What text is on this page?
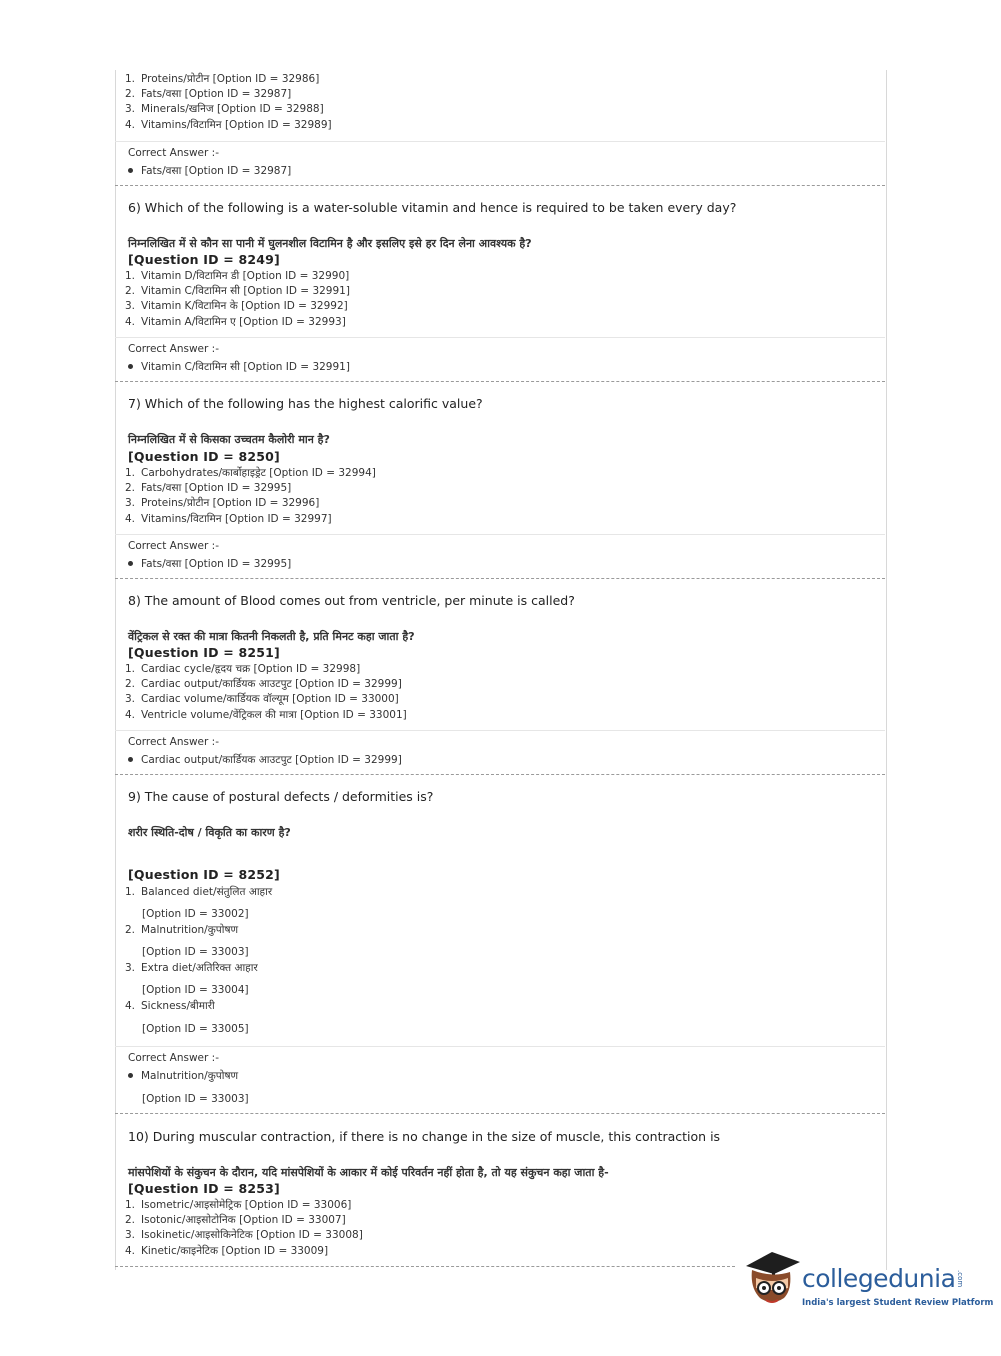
1. Proteins/प्रोटीन [Option ID = 32986]
2. Fats/वसा [Option ID = 32987]
3. Minerals/खनिज [Option ID = 32988]
4. Vitamins/विटामिन [Option ID = 32989]
Correct Answer :-
Fats/वसा [Option ID = 32987]
6) Which of the following is a water-soluble vitamin and hence is required to be taken every day?
निम्नलिखित में से कौन सा पानी में घुलनशील विटामिन है और इसलिए इसे हर दिन लेना आवश्यक है?
[Question ID = 8249]
1. Vitamin D/विटामिन डी [Option ID = 32990]
2. Vitamin C/विटामिन सी [Option ID = 32991]
3. Vitamin K/विटामिन के [Option ID = 32992]
4. Vitamin A/विटामिन ए [Option ID = 32993]
Correct Answer :-
Vitamin C/विटामिन सी [Option ID = 32991]
7) Which of the following has the highest calorific value?
निम्नलिखित में से किसका उच्चतम कैलोरी मान है?
[Question ID = 8250]
1. Carbohydrates/कार्बोहाइड्रेट [Option ID = 32994]
2. Fats/वसा [Option ID = 32995]
3. Proteins/प्रोटीन [Option ID = 32996]
4. Vitamins/विटामिन [Option ID = 32997]
Correct Answer :-
Fats/वसा [Option ID = 32995]
8) The amount of Blood comes out from ventricle, per minute is called?
वेंट्रिकल से रक्त की मात्रा कितनी निकलती है, प्रति मिनट कहा जाता है?
[Question ID = 8251]
1. Cardiac cycle/हृदय चक्र [Option ID = 32998]
2. Cardiac output/कार्डियक आउटपुट [Option ID = 32999]
3. Cardiac volume/कार्डियक वॉल्यूम [Option ID = 33000]
4. Ventricle volume/वेंट्रिकल की मात्रा [Option ID = 33001]
Correct Answer :-
Cardiac output/कार्डियक आउटपुट [Option ID = 32999]
9) The cause of postural defects / deformities is?
शरीर स्थिति-दोष / विकृति का कारण है?
[Question ID = 8252]
1. Balanced diet/संतुलित आहार
[Option ID = 33002]
2. Malnutrition/कुपोषण
[Option ID = 33003]
3. Extra diet/अतिरिक्त आहार
[Option ID = 33004]
4. Sickness/बीमारी
[Option ID = 33005]
Correct Answer :-
Malnutrition/कुपोषण
[Option ID = 33003]
10) During muscular contraction, if there is no change in the size of muscle, this contraction is
मांसपेशियों के संकुचन के दौरान, यदि मांसपेशियों के आकार में कोई परिवर्तन नहीं होता है, तो यह संकुचन कहा जाता है-
[Question ID = 8253]
1. Isometric/आइसोमेट्रिक [Option ID = 33006]
2. Isotonic/आइसोटोनिक [Option ID = 33007]
3. Isokinetic/आइसोकिनेटिक [Option ID = 33008]
4. Kinetic/काइनेटिक [Option ID = 33009]
collegedunia .com
India's largest Student Review Platform
